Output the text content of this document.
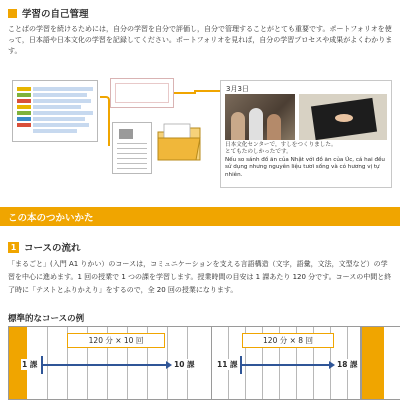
学習の自己管理

ことばの学習を続けるためには，自分の学習を自分で評価し，自分で管理することがとても重要です。ポートフォリオを使って，日本語や日本文化の学習を記録してください。ポートフォリオを見れば，自分の学習プロセスや成果がよくわかります。

3月3日
日本文化センターで，すしをつくりました。
とてもたのしかったです。
Nếu so sánh đồ ăn của Nhật với đồ ăn của Úc, cá hai đều sử dụng nhưng nguyên liệu tươi sống và có hương vị tự nhiên.
この本のつかいかた
1 コースの流れ

「まるごと」(入門 A1 りかい）のコースは，コミュニケーションを支える言語構造（文字，語彙，文法，文型など）の学習を中心に進めます。1 回の授業で 1 つの課を学習します。授業時間の目安は 1 課あたり 120 分です。コースの中間と終了時に「テストとふりかえり」をするので，全 20 回の授業になります。

標準的なコースの例
120 分 × 10 回
1 課	10 課
120 分 × 8 回
11 課	18 課
